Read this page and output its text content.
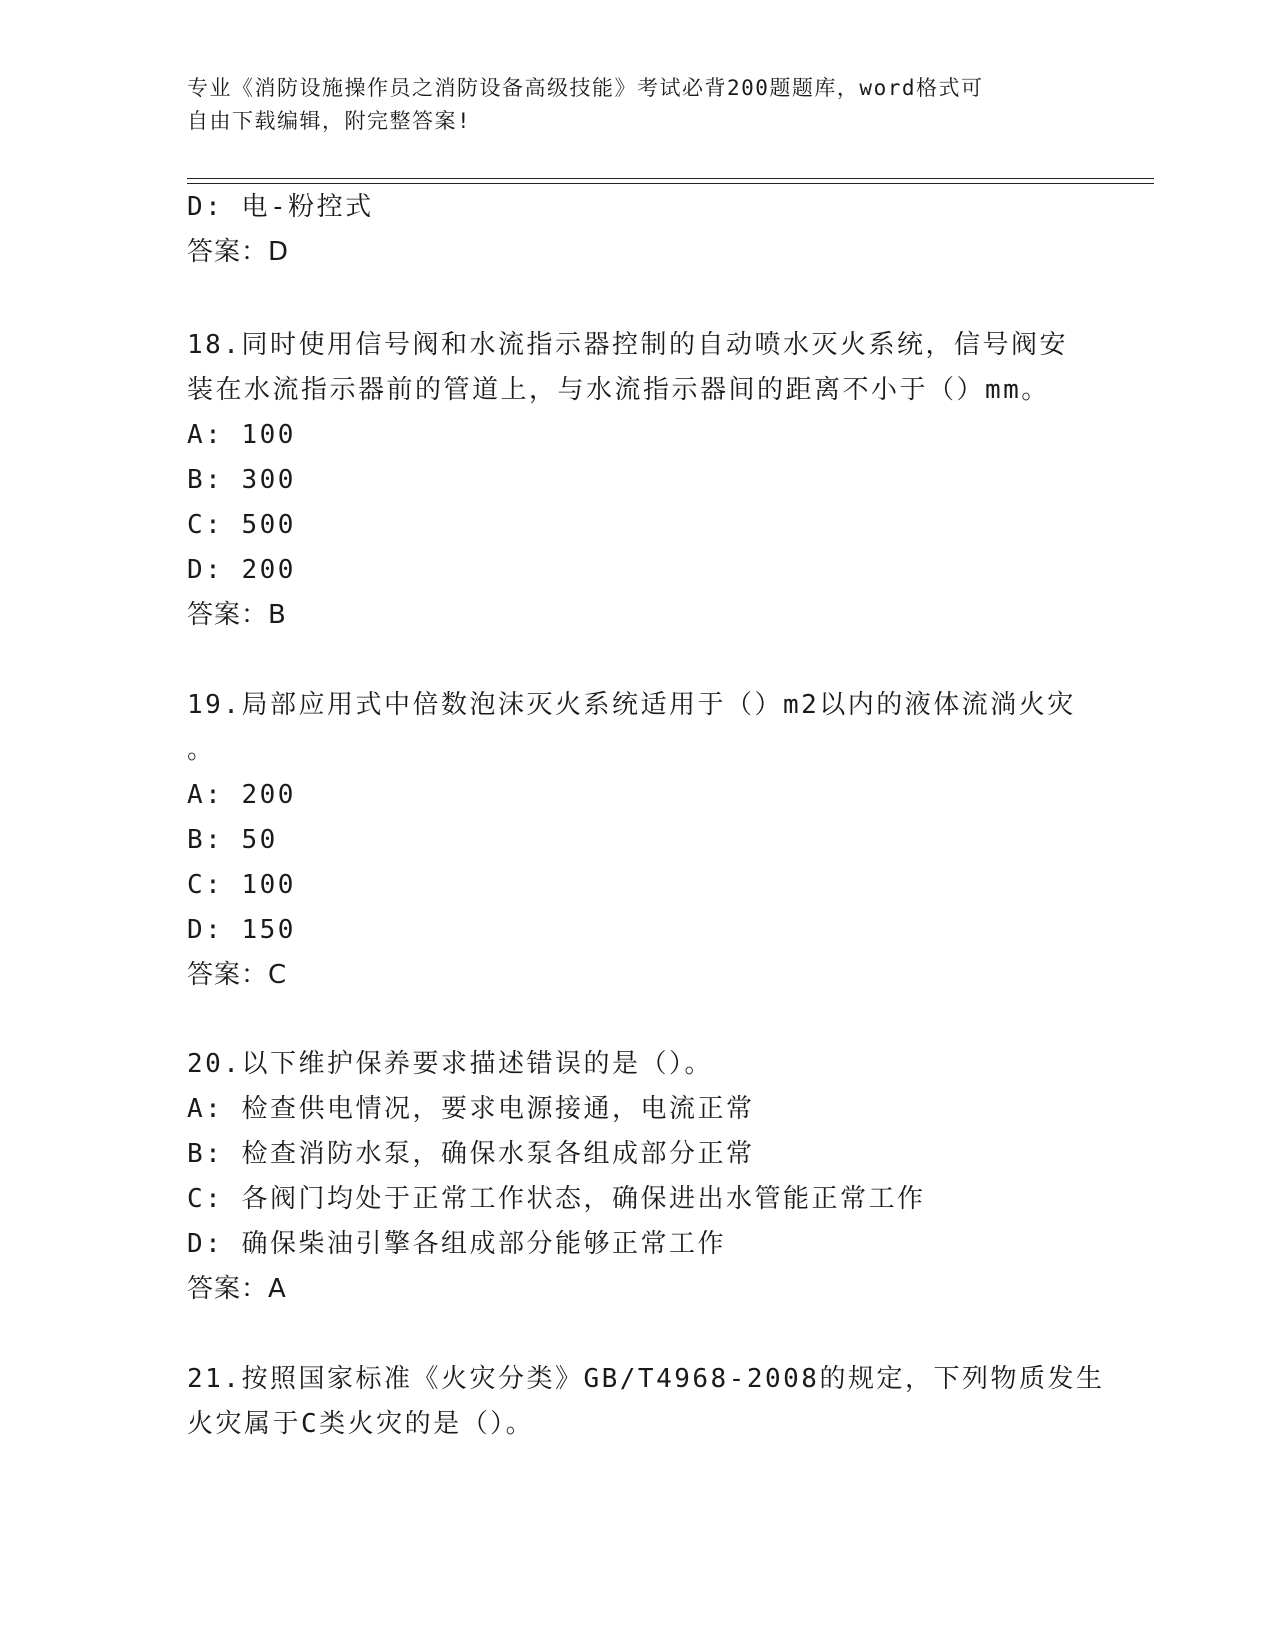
专业《消防设施操作员之消防设备高级技能》考试必背200题题库，word格式可
自由下载编辑，附完整答案!
D: 电-粉控式
答案：D
18.同时使用信号阀和水流指示器控制的自动喷水灭火系统，信号阀安
装在水流指示器前的管道上，与水流指示器间的距离不小于（）mm。
A: 100
B: 300
C: 500
D: 200
答案：B
19.局部应用式中倍数泡沫灭火系统适用于（）m2以内的液体流淌火灾
。
A: 200
B: 50
C: 100
D: 150
答案：C
20.以下维护保养要求描述错误的是（）。
A: 检查供电情况，要求电源接通，电流正常
B: 检查消防水泵，确保水泵各组成部分正常
C: 各阀门均处于正常工作状态，确保进出水管能正常工作
D: 确保柴油引擎各组成部分能够正常工作
答案：A
21.按照国家标准《火灾分类》GB/T4968-2008的规定，下列物质发生
火灾属于C类火灾的是（）。
